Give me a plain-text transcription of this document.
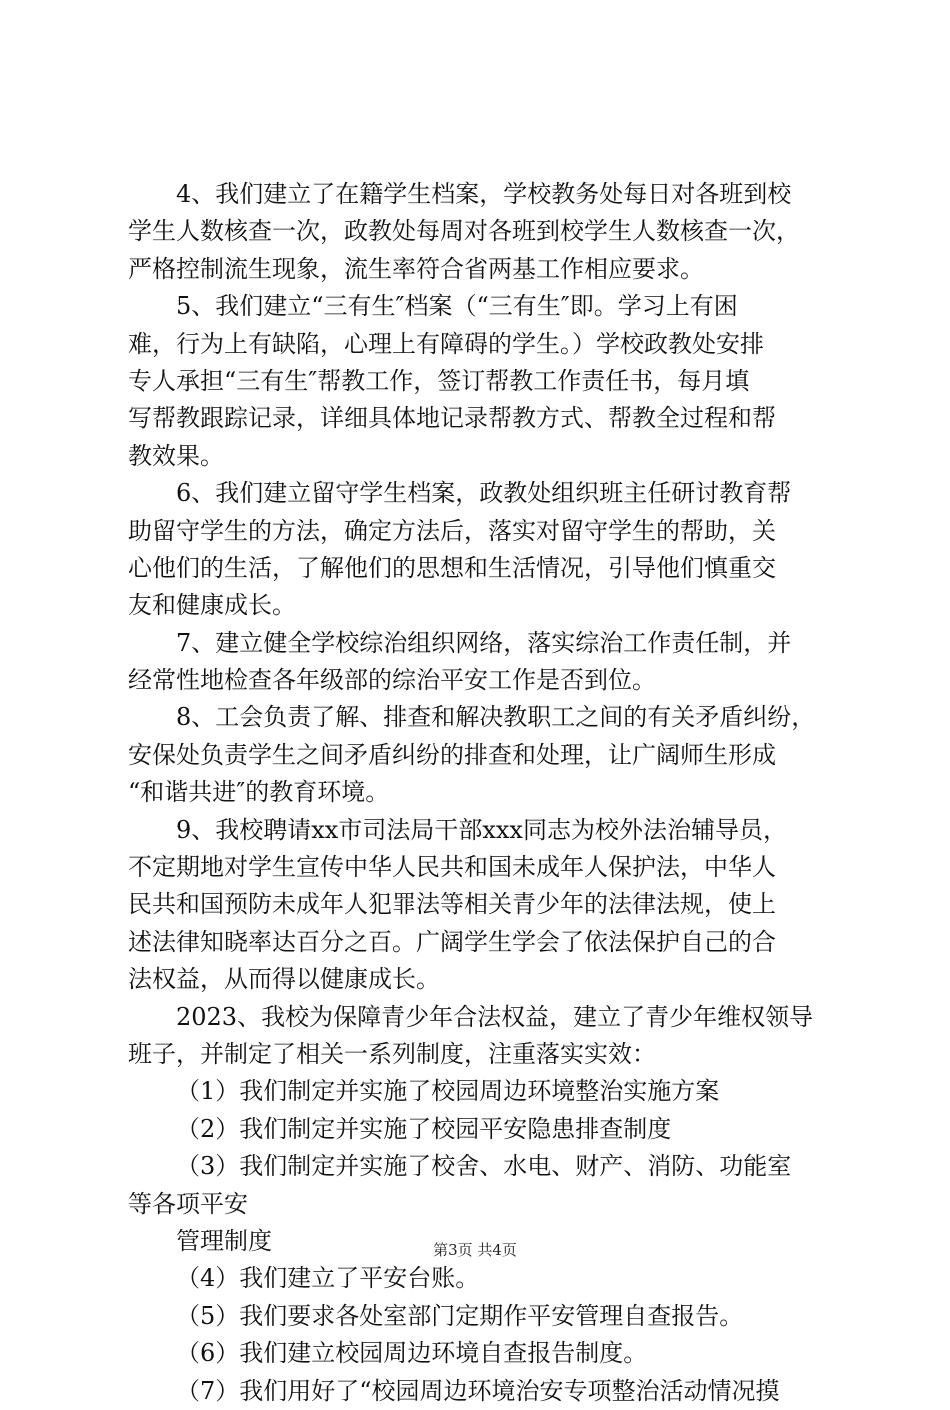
4、我们建立了在籍学生档案，学校教务处每日对各班到校
学生人数核查一次，政教处每周对各班到校学生人数核查一次，
严格控制流生现象，流生率符合省两基工作相应要求。
5、我们建立“三有生″档案（“三有生″即。学习上有困
难，行为上有缺陷，心理上有障碍的学生。）学校政教处安排
专人承担“三有生″帮教工作，签订帮教工作责任书，每月填
写帮教跟踪记录，详细具体地记录帮教方式、帮教全过程和帮
教效果。
6、我们建立留守学生档案，政教处组织班主任研讨教育帮
助留守学生的方法，确定方法后，落实对留守学生的帮助，关
心他们的生活，了解他们的思想和生活情况，引导他们慎重交
友和健康成长。
7、建立健全学校综治组织网络，落实综治工作责任制，并
经常性地检查各年级部的综治平安工作是否到位。
8、工会负责了解、排查和解决教职工之间的有关矛盾纠纷，
安保处负责学生之间矛盾纠纷的排查和处理，让广阔师生形成
“和谐共进″的教育环境。
9、我校聘请xx市司法局干部xxx同志为校外法治辅导员，
不定期地对学生宣传中华人民共和国未成年人保护法，中华人
民共和国预防未成年人犯罪法等相关青少年的法律法规，使上
述法律知晓率达百分之百。广阔学生学会了依法保护自己的合
法权益，从而得以健康成长。
2023、我校为保障青少年合法权益，建立了青少年维权领导
班子，并制定了相关一系列制度，注重落实实效：
（1）我们制定并实施了校园周边环境整治实施方案
（2）我们制定并实施了校园平安隐患排查制度
（3）我们制定并实施了校舍、水电、财产、消防、功能室
等各项平安
管理制度
（4）我们建立了平安台账。
（5）我们要求各处室部门定期作平安管理自查报告。
（6）我们建立校园周边环境自查报告制度。
（7）我们用好了“校园周边环境治安专项整治活动情况摸
第3页 共4页
